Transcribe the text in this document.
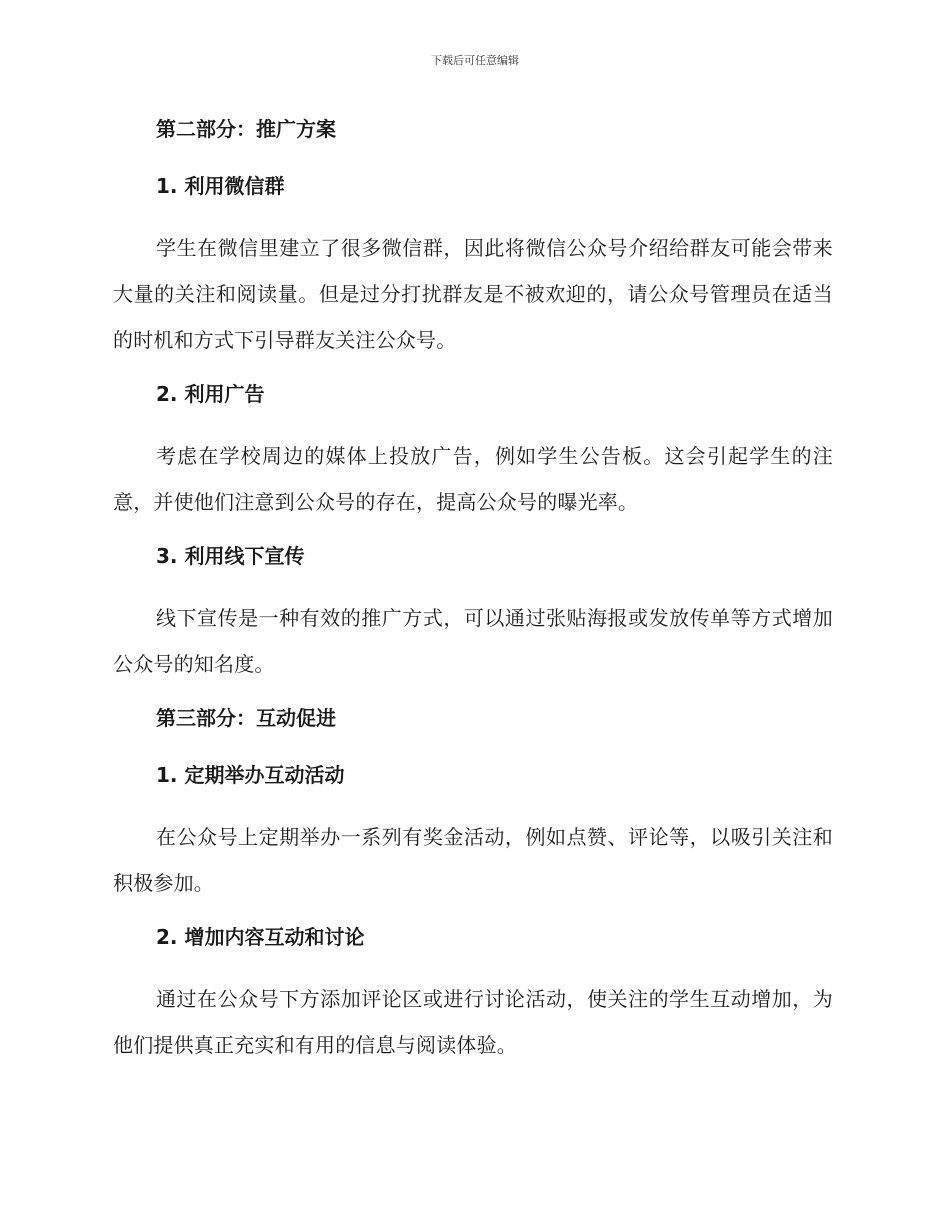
下载后可任意编辑
第二部分：推广方案
1. 利用微信群
学生在微信里建立了很多微信群，因此将微信公众号介绍给群友可能会带来大量的关注和阅读量。但是过分打扰群友是不被欢迎的，请公众号管理员在适当的时机和方式下引导群友关注公众号。
2. 利用广告
考虑在学校周边的媒体上投放广告，例如学生公告板。这会引起学生的注意，并使他们注意到公众号的存在，提高公众号的曝光率。
3. 利用线下宣传
线下宣传是一种有效的推广方式，可以通过张贴海报或发放传单等方式增加公众号的知名度。
第三部分：互动促进
1. 定期举办互动活动
在公众号上定期举办一系列有奖金活动，例如点赞、评论等，以吸引关注和积极参加。
2. 增加内容互动和讨论
通过在公众号下方添加评论区或进行讨论活动，使关注的学生互动增加，为他们提供真正充实和有用的信息与阅读体验。
